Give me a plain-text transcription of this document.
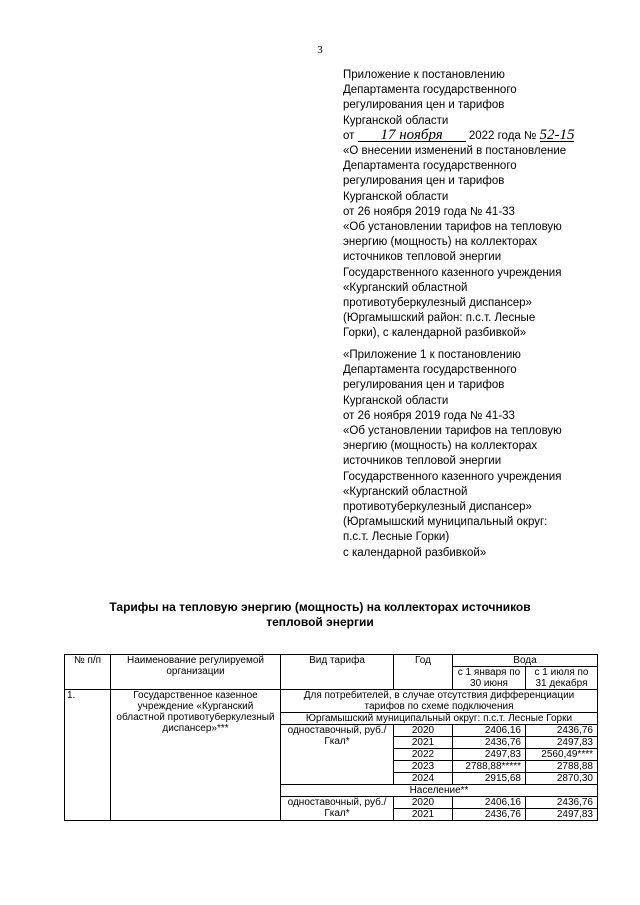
3
Приложение к постановлению
Департамента государственного
регулирования цен и тарифов
Курганской области
от 17 ноября 2022 года № 52-15
«О внесении изменений в постановление
Департамента государственного
регулирования цен и тарифов
Курганской области
от 26 ноября 2019 года № 41-33
«Об установлении тарифов на тепловую
энергию (мощность) на коллекторах
источников тепловой энергии
Государственного казенного учреждения
«Курганский областной
противотуберкулезный диспансер»
(Юргамышский район: п.с.т. Лесные
Горки), с календарной разбивкой»
«Приложение 1 к постановлению
Департамента государственного
регулирования цен и тарифов
Курганской области
от 26 ноября 2019 года № 41-33
«Об установлении тарифов на тепловую
энергию (мощность) на коллекторах
источников тепловой энергии
Государственного казенного учреждения
«Курганский областной
противотуберкулезный диспансер»
(Юргамышский муниципальный округ:
п.с.т. Лесные Горки)
с календарной разбивкой»
Тарифы на тепловую энергию (мощность) на коллекторах источников
тепловой энергии
№ п/п	Наименование регулируемой организации	Вид тарифа	Год	Вода	
				с 1 января по 30 июня	с 1 июля по 31 декабря
1.	Государственное казенное учреждение «Курганский областной противотуберкулезный диспансер»***	Для потребителей, в случае отсутствия дифференциации тарифов по схеме подключения			
		Юргамышский муниципальный округ: п.с.т. Лесные Горки			
		одноставочный, руб./Гкал*	2020	2406,16	2436,76
			2021	2436,76	2497,83
			2022	2497,83	2560,49****
			2023	2788,88*****	2788,88
			2024	2915,68	2870,30
		Население**			
		одноставочный, руб./Гкал*	2020	2406,16	2436,76
			2021	2436,76	2497,83
